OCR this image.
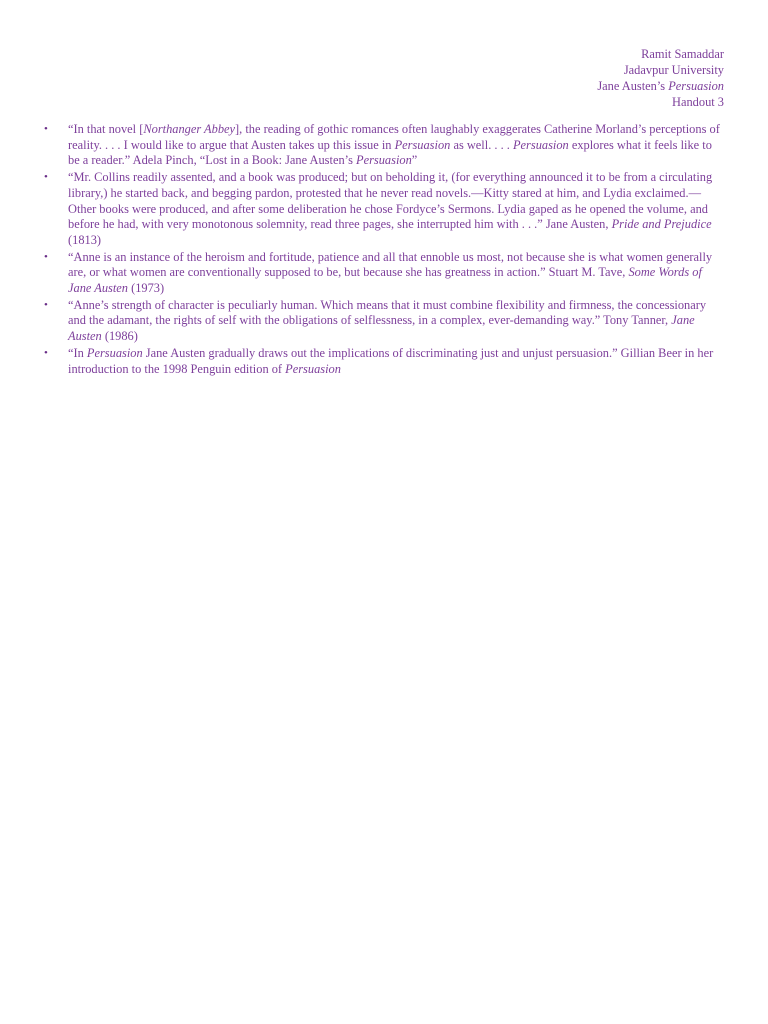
Ramit Samaddar
Jadavpur University
Jane Austen’s Persuasion
Handout 3
•	“In that novel [Northanger Abbey], the reading of gothic romances often laughably exaggerates Catherine Morland’s perceptions of reality. . . . I would like to argue that Austen takes up this issue in Persuasion as well. . . . Persuasion explores what it feels like to be a reader.” Adela Pinch, “Lost in a Book: Jane Austen’s Persuasion”
•	“Mr. Collins readily assented, and a book was produced; but on beholding it, (for everything announced it to be from a circulating library,) he started back, and begging pardon, protested that he never read novels.—Kitty stared at him, and Lydia exclaimed.—Other books were produced, and after some deliberation he chose Fordyce’s Sermons. Lydia gaped as he opened the volume, and before he had, with very monotonous solemnity, read three pages, she interrupted him with . . .” Jane Austen, Pride and Prejudice (1813)
•	“Anne is an instance of the heroism and fortitude, patience and all that ennoble us most, not because she is what women generally are, or what women are conventionally supposed to be, but because she has greatness in action.” Stuart M. Tave, Some Words of Jane Austen (1973)
•	“Anne’s strength of character is peculiarly human. Which means that it must combine flexibility and firmness, the concessionary and the adamant, the rights of self with the obligations of selflessness, in a complex, ever-demanding way.” Tony Tanner, Jane Austen (1986)
•	“In Persuasion Jane Austen gradually draws out the implications of discriminating just and unjust persuasion.” Gillian Beer in her introduction to the 1998 Penguin edition of Persuasion
